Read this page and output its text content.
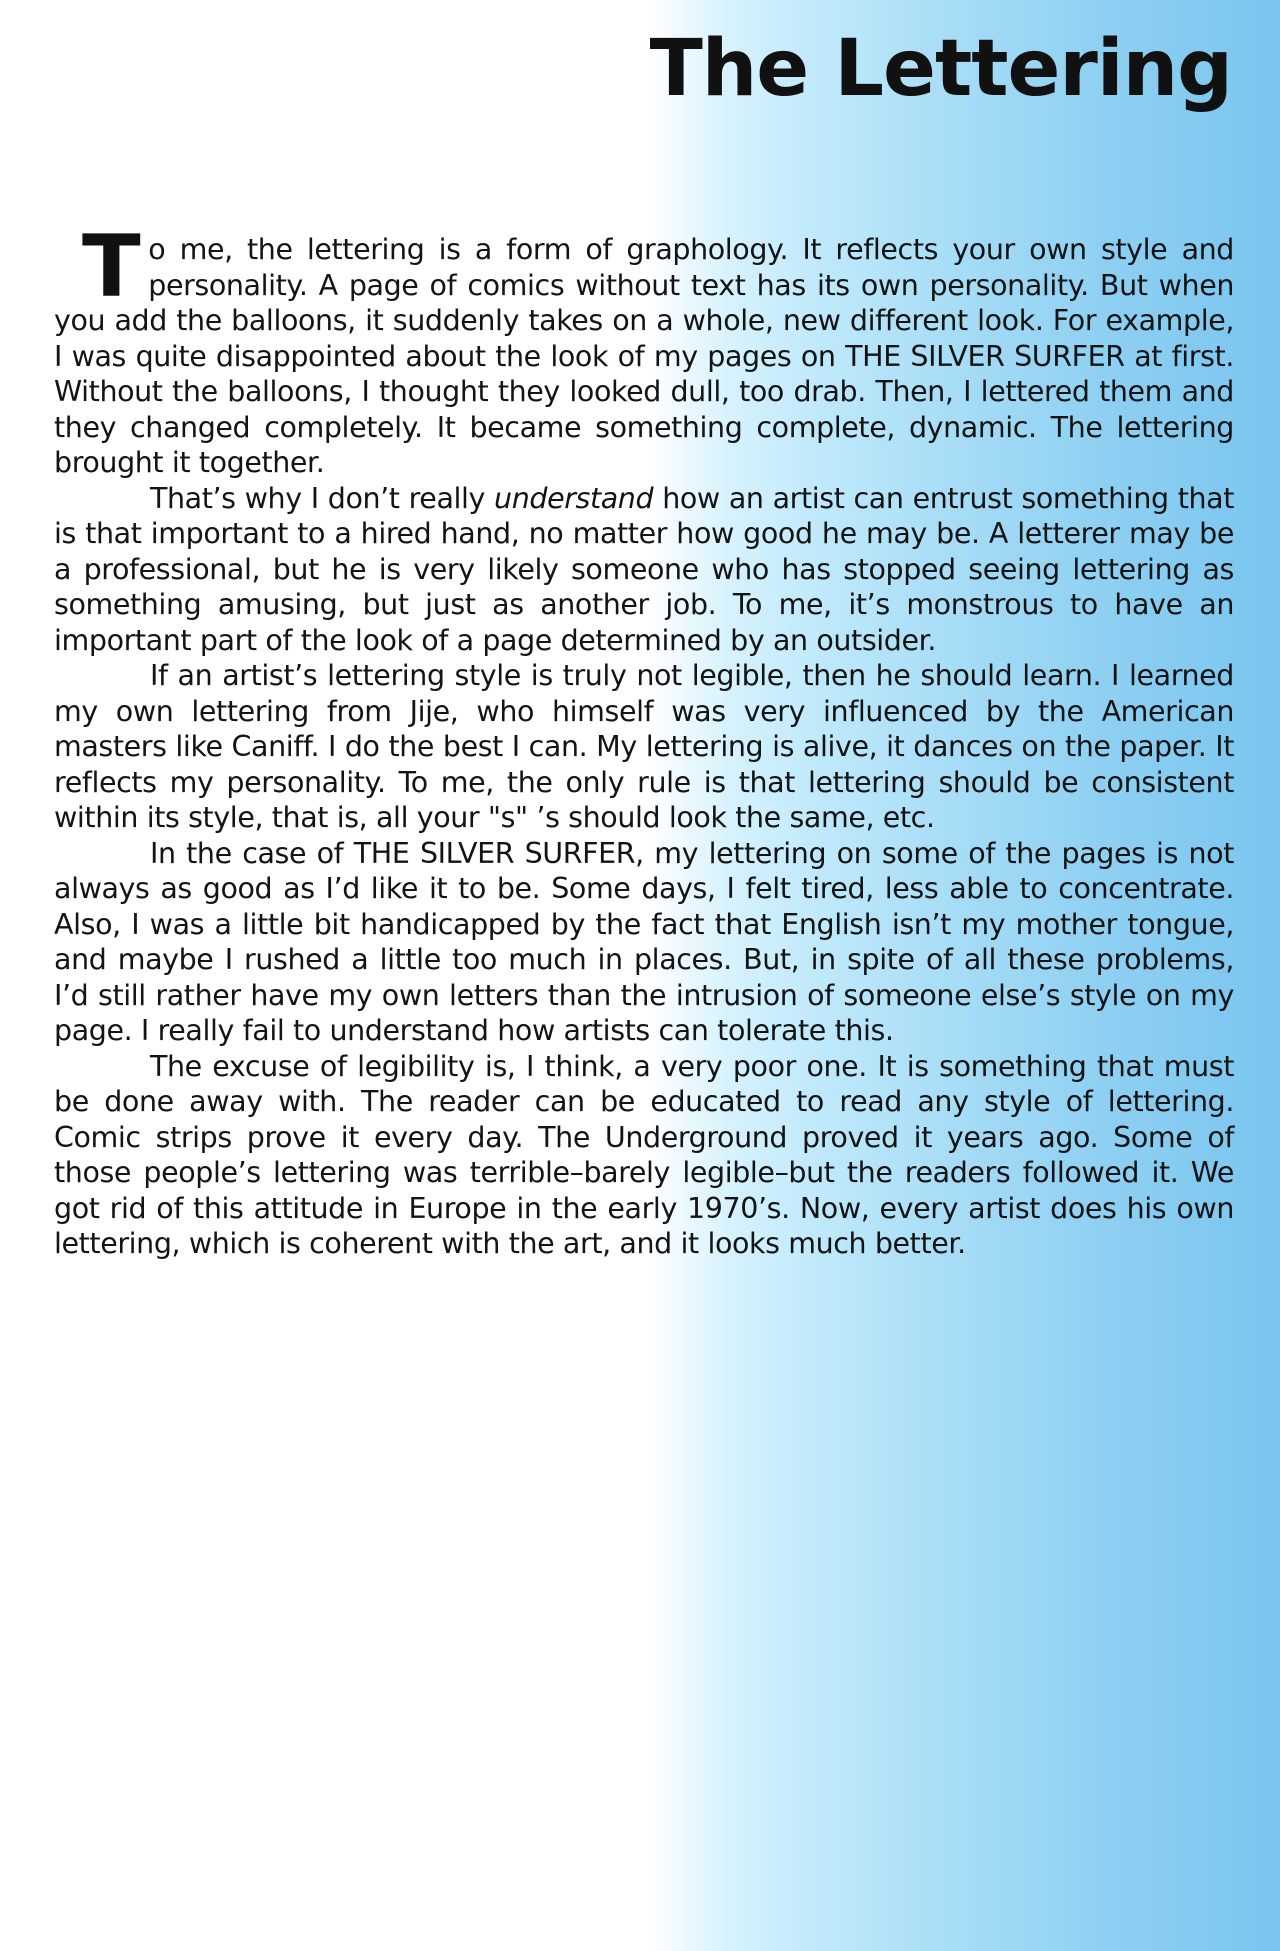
The Lettering

To me, the lettering is a form of graphology. It reflects your own style and personality. A page of comics without text has its own personality. But when you add the balloons, it suddenly takes on a whole, new different look. For example, I was quite disappointed about the look of my pages on THE SILVER SURFER at first. Without the balloons, I thought they looked dull, too drab. Then, I lettered them and they changed completely. It became something complete, dynamic. The lettering brought it together.

That’s why I don’t really understand how an artist can entrust something that is that important to a hired hand, no matter how good he may be. A letterer may be a professional, but he is very likely someone who has stopped seeing lettering as something amusing, but just as another job. To me, it’s monstrous to have an important part of the look of a page determined by an outsider.

If an artist’s lettering style is truly not legible, then he should learn. I learned my own lettering from Jije, who himself was very influenced by the American masters like Caniff. I do the best I can. My lettering is alive, it dances on the paper. It reflects my personality. To me, the only rule is that lettering should be consistent within its style, that is, all your "s" ’s should look the same, etc.

In the case of THE SILVER SURFER, my lettering on some of the pages is not always as good as I’d like it to be. Some days, I felt tired, less able to concentrate. Also, I was a little bit handicapped by the fact that English isn’t my mother tongue, and maybe I rushed a little too much in places. But, in spite of all these problems, I’d still rather have my own letters than the intrusion of someone else’s style on my page. I really fail to understand how artists can tolerate this.

The excuse of legibility is, I think, a very poor one. It is something that must be done away with. The reader can be educated to read any style of lettering. Comic strips prove it every day. The Underground proved it years ago. Some of those people’s lettering was terrible–barely legible–but the readers followed it. We got rid of this attitude in Europe in the early 1970’s. Now, every artist does his own lettering, which is coherent with the art, and it looks much better.
